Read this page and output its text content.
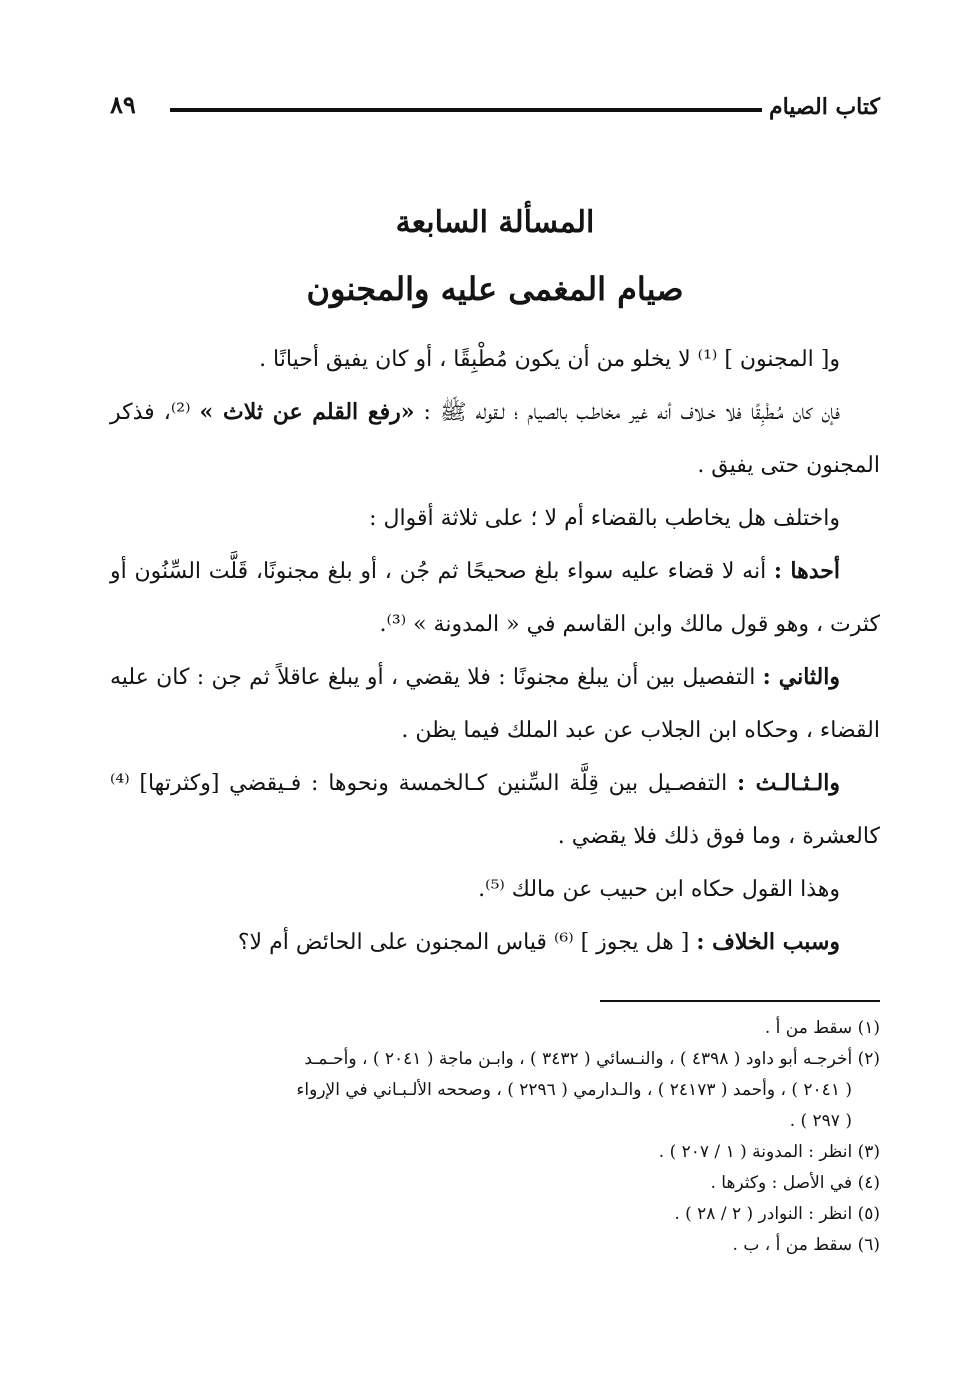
كتاب الصيام
٨٩
المسألة السابعة
صيام المغمى عليه والمجنون

و[ المجنون ] ⁽¹⁾ لا يخلو من أن يكون مُطْبِقًا ، أو كان يفيق أحيانًا .

فإن كان مُـطْبِقًا فلا خـلاف أنه غير مخاطـب بالصيام ؛ لـقوله ﷺ : «رفع القلم عن ثلاث » ⁽²⁾، فذكر المجنون حتى يفيق .

واختلف هل يخاطب بالقضاء أم لا ؛ على ثلاثة أقوال :

أحدها : أنه لا قضاء عليه سواء بلغ صحيحًا ثم جُن ، أو بلغ مجنونًا، قَلَّت السِّنُون أو كثرت ، وهو قول مالك وابن القاسم في « المدونة » ⁽³⁾.

والثاني : التفصيل بين أن يبلغ مجنونًا : فلا يقضي ، أو يبلغ عاقلاً ثم جن : كان عليه القضاء ، وحكاه ابن الجلاب عن عبد الملك فيما يظن .

والـثـالـث : التفصـيل بين قِلَّة السِّنين كـالخمسة ونحوها : فـيقضي [وكثرتها] ⁽⁴⁾ كالعشرة ، وما فوق ذلك فلا يقضي .

وهذا القول حكاه ابن حبيب عن مالك ⁽⁵⁾.

وسبب الخلاف : [ هل يجوز ] ⁽⁶⁾ قياس المجنون على الحائض أم لا؟

(١) سقط من أ .
(٢) أخرجـه أبو داود ( ٤٣٩٨ ) ، والنـسائي ( ٣٤٣٢ ) ، وابـن ماجة ( ٢٠٤١ ) ، وأحـمـد
( ٢٠٤١ ) ، وأحمد ( ٢٤١٧٣ ) ، والـدارمي ( ٢٢٩٦ ) ، وصححه الألـبـاني في الإرواء
( ٢٩٧ ) .
(٣) انظر : المدونة ( ١ / ٢٠٧ ) .
(٤) في الأصل : وكثرها .
(٥) انظر : النوادر ( ٢ / ٢٨ ) .
(٦) سقط من أ ، ب .
